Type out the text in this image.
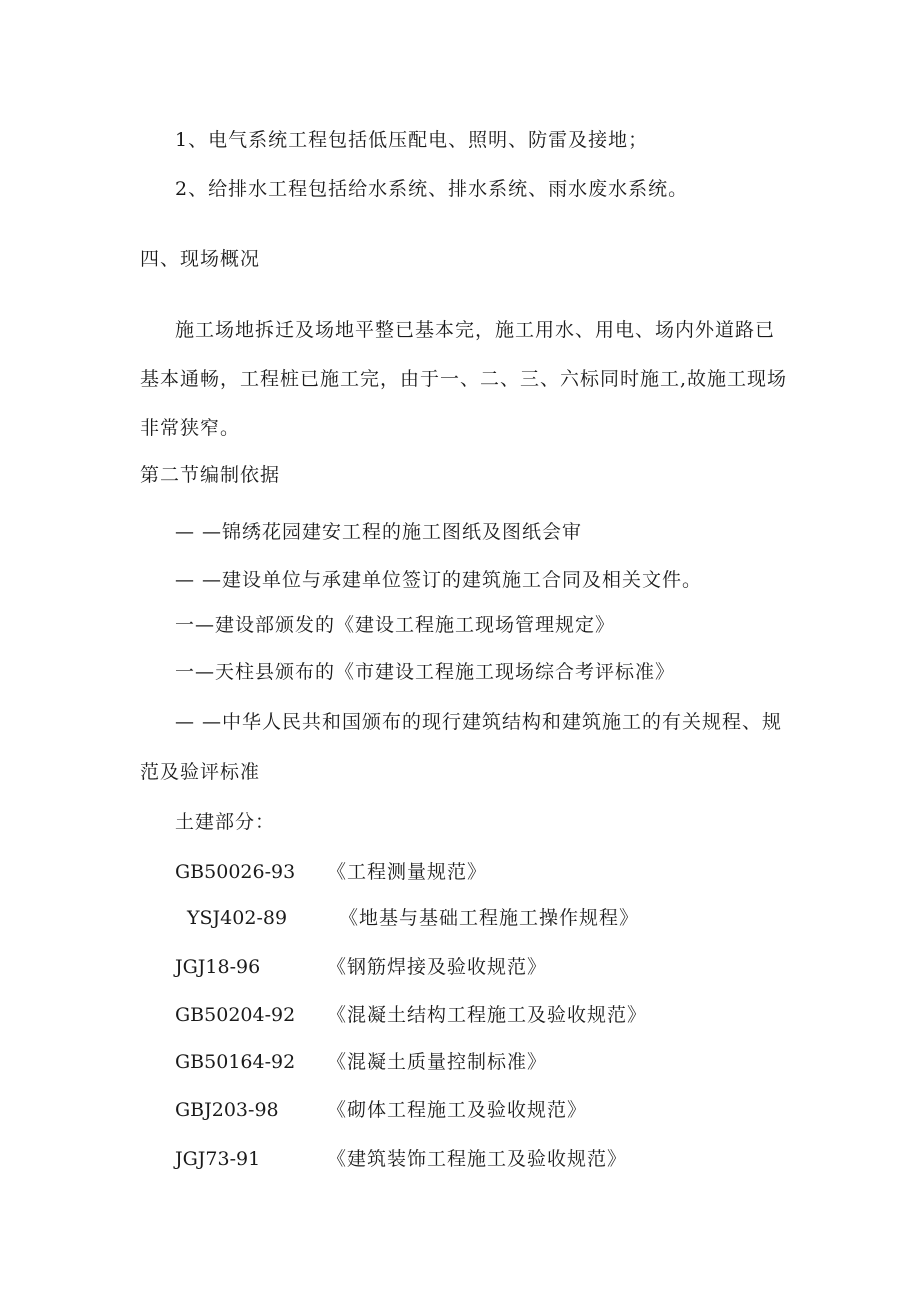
1、电气系统工程包括低压配电、照明、防雷及接地；
2、给排水工程包括给水系统、排水系统、雨水废水系统。
四、现场概况
施工场地拆迁及场地平整已基本完，施工用水、用电、场内外道路已
基本通畅，工程桩已施工完，由于一、二、三、六标同时施工,故施工现场
非常狭窄。
第二节编制依据
— —锦绣花园建安工程的施工图纸及图纸会审
— —建设单位与承建单位签订的建筑施工合同及相关文件。
一—建设部颁发的《建设工程施工现场管理规定》
一—天柱县颁布的《市建设工程施工现场综合考评标准》
— —中华人民共和国颁布的现行建筑结构和建筑施工的有关规程、规
范及验评标准
土建部分：
GB50026-93 《工程测量规范》
YSJ402-89	《地基与基础工程施工操作规程》
JGJ18-96	《钢筋焊接及验收规范》
GB50204-92 《混凝土结构工程施工及验收规范》
GB50164-92 《混凝土质量控制标准》
GBJ203-98	《砌体工程施工及验收规范》
JGJ73-91	《建筑装饰工程施工及验收规范》
